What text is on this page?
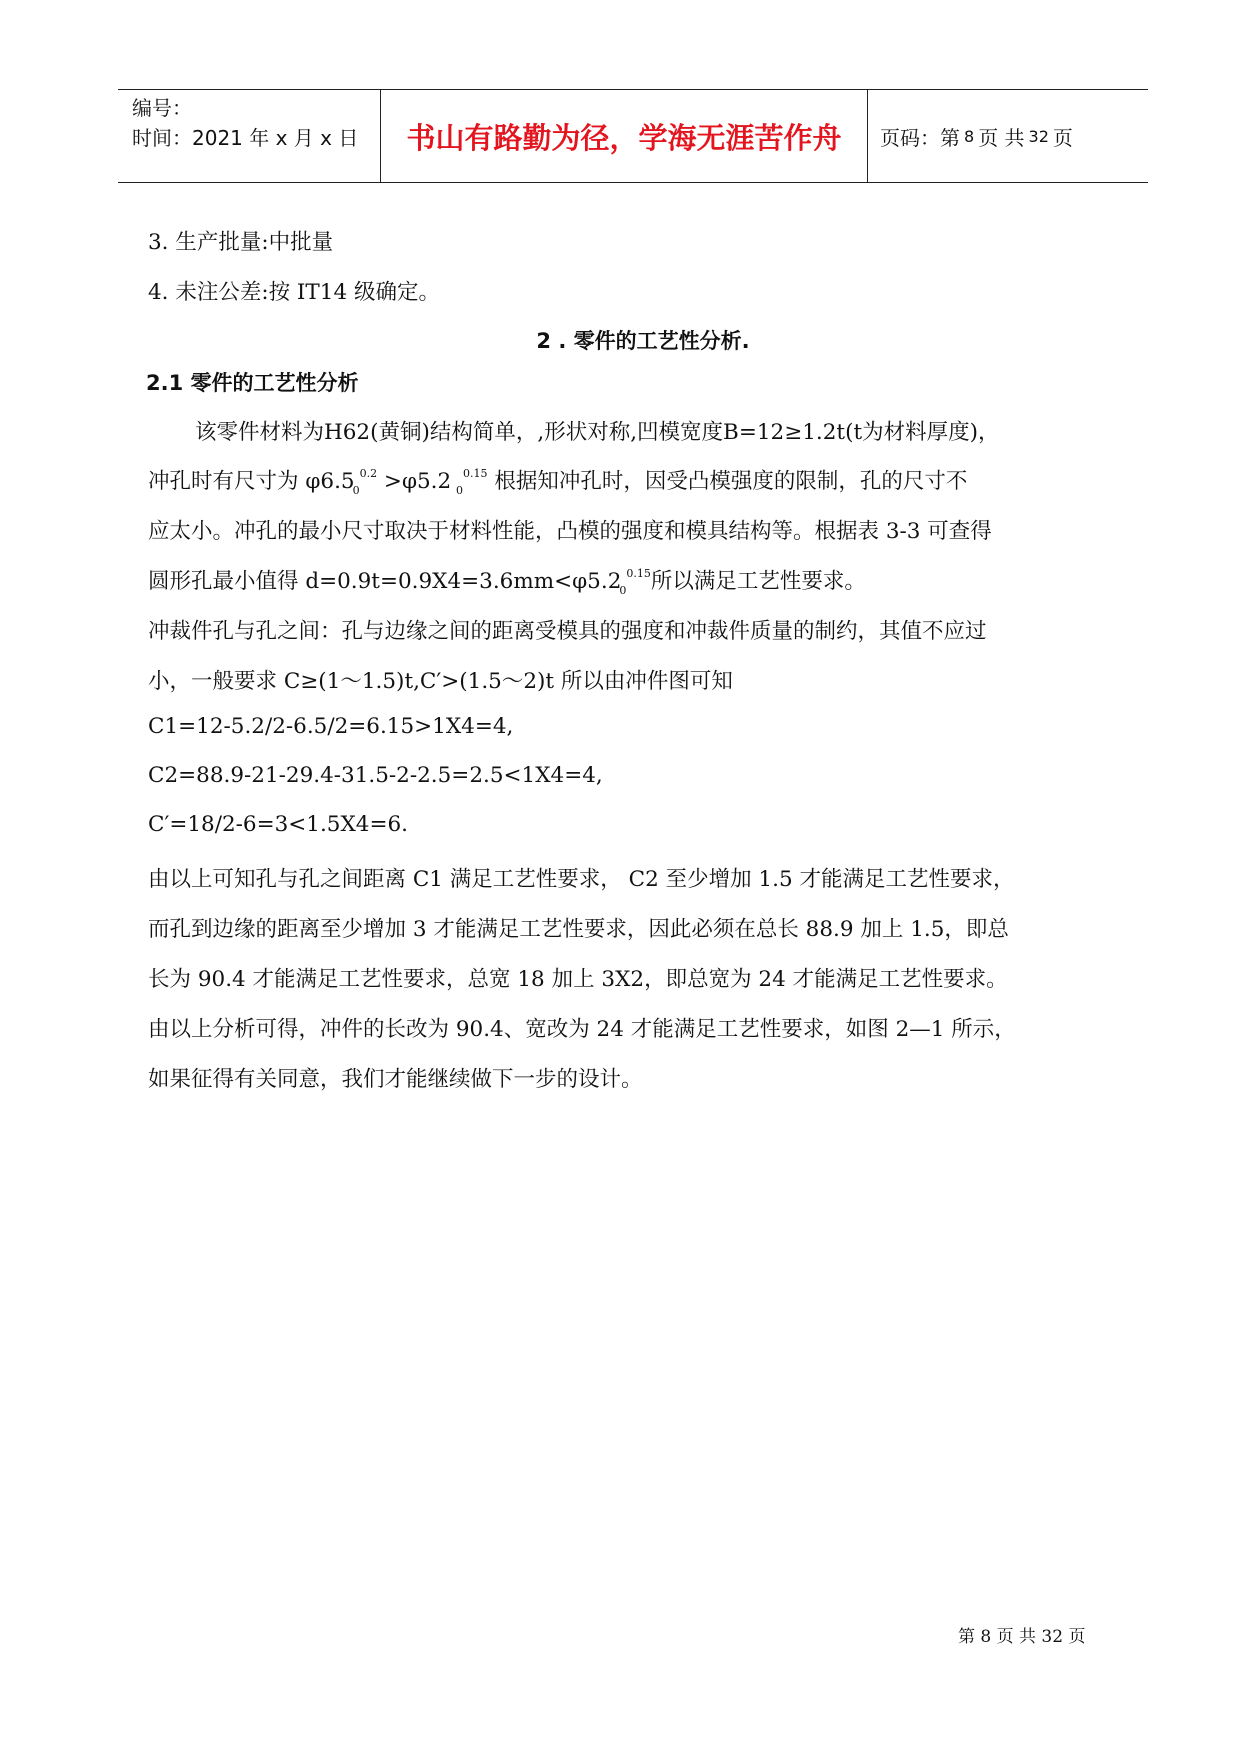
编号：
时间：2021 年 x 月 x 日	书山有路勤为径，学海无涯苦作舟 页码：第 8 页 共 32 页
3. 生产批量:中批量
4. 未注公差:按 IT14 级确定。
2 . 零件的工艺性分析.
2.1 零件的工艺性分析
该零件材料为H62(黄铜)结构简单，,形状对称,凹模宽度B=12≥1.2t(t为材料厚度)，
冲孔时有尺寸为 $\varphi 6.5_0^{0.2} >\varphi 5.2$ $_0^{0.15}$ 根据知冲孔时，因受凸模强度的限制，孔的尺寸不
应太小。冲孔的最小尺寸取决于材料性能，凸模的强度和模具结构等。根据表 3-3 可查得
圆形孔最小值得 $d=0.9t=0.9X4=3.6mm<\varphi 5.2_0^{0.15}$所以满足工艺性要求。
冲裁件孔与孔之间：孔与边缘之间的距离受模具的强度和冲裁件质量的制约，其值不应过
小，一般要求 C≥(1～1.5)t,C′>(1.5～2)t 所以由冲件图可知
C1=12-5.2/2-6.5/2=6.15>1X4=4,
C2=88.9-21-29.4-31.5-2-2.5=2.5<1X4=4,
C′=18/2-6=3<1.5X4=6.
由以上可知孔与孔之间距离 C1 满足工艺性要求， C2 至少增加 1.5 才能满足工艺性要求，
而孔到边缘的距离至少增加 3 才能满足工艺性要求，因此必须在总长 88.9 加上 1.5，即总
长为 90.4 才能满足工艺性要求，总宽 18 加上 3X2，即总宽为 24 才能满足工艺性要求。
由以上分析可得，冲件的长改为 90.4、宽改为 24 才能满足工艺性要求，如图 2—1 所示，
如果征得有关同意，我们才能继续做下一步的设计。
第 8 页 共 32 页
